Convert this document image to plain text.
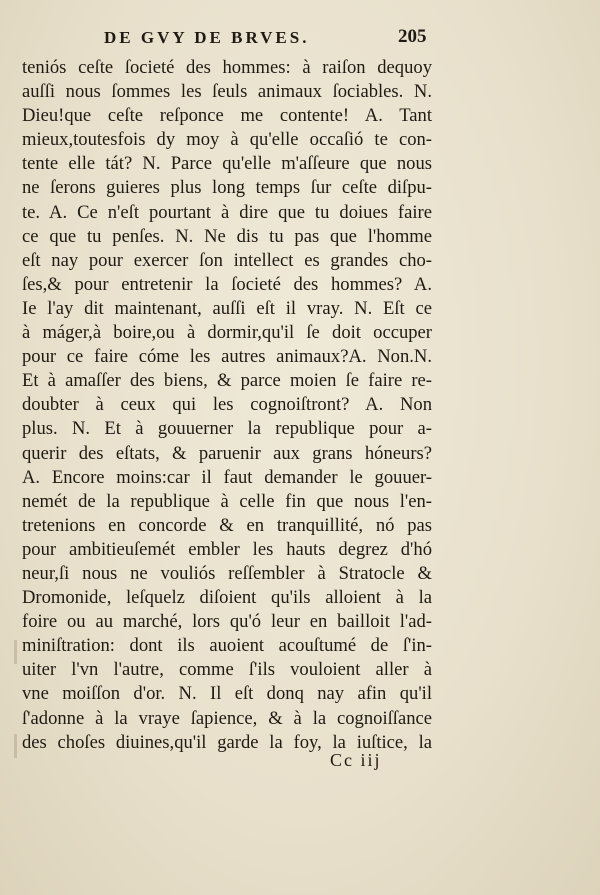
DE GVY DE BRVES.	205
teniós ceſte ſocieté des hommes: à raiſon dequoy
auſſi nous ſommes les ſeuls animaux ſociables. N.
Dieu!que ceſte reſponce me contente! A. Tant
mieux,toutesfois dy moy à qu'elle occaſió te con-
tente elle tát? N. Parce qu'elle m'aſſeure que nous
ne ſerons guieres plus long temps ſur ceſte diſpu-
te. A. Ce n'eſt pourtant à dire que tu doiues faire
ce que tu penſes. N. Ne dis tu pas que l'homme
eſt nay pour exercer ſon intellect es grandes cho-
ſes,& pour entretenir la ſocieté des hommes? A.
Ie l'ay dit maintenant, auſſi eſt il vray. N. Eſt ce
à máger,à boire,ou à dormir,qu'il ſe doit occuper
pour ce faire cóme les autres animaux?A. Non.N.
Et à amaſſer des biens, & parce moien ſe faire re-
doubter à ceux qui les cognoiſtront? A. Non
plus. N. Et à gouuerner la republique pour a-
querir des eſtats, & paruenir aux grans hóneurs?
A. Encore moins:car il faut demander le gouuer-
nemét de la republique à celle fin que nous l'en-
tretenions en concorde & en tranquillité, nó pas
pour ambitieuſemét embler les hauts degrez d'hó
neur,ſi nous ne vouliós reſſembler à Stratocle &
Dromonide, leſquelz diſoient qu'ils alloient à la
foire ou au marché, lors qu'ó leur en bailloit l'ad-
miniſtration: dont ils auoient acouſtumé de ſ'in-
uiter l'vn l'autre, comme ſ'ils vouloient aller à
vne moiſſon d'or. N. Il eſt donq nay afin qu'il
ſ'adonne à la vraye ſapience, & à la cognoiſſance
des choſes diuines,qu'il garde la foy, la iuſtice, la
Cc iij
